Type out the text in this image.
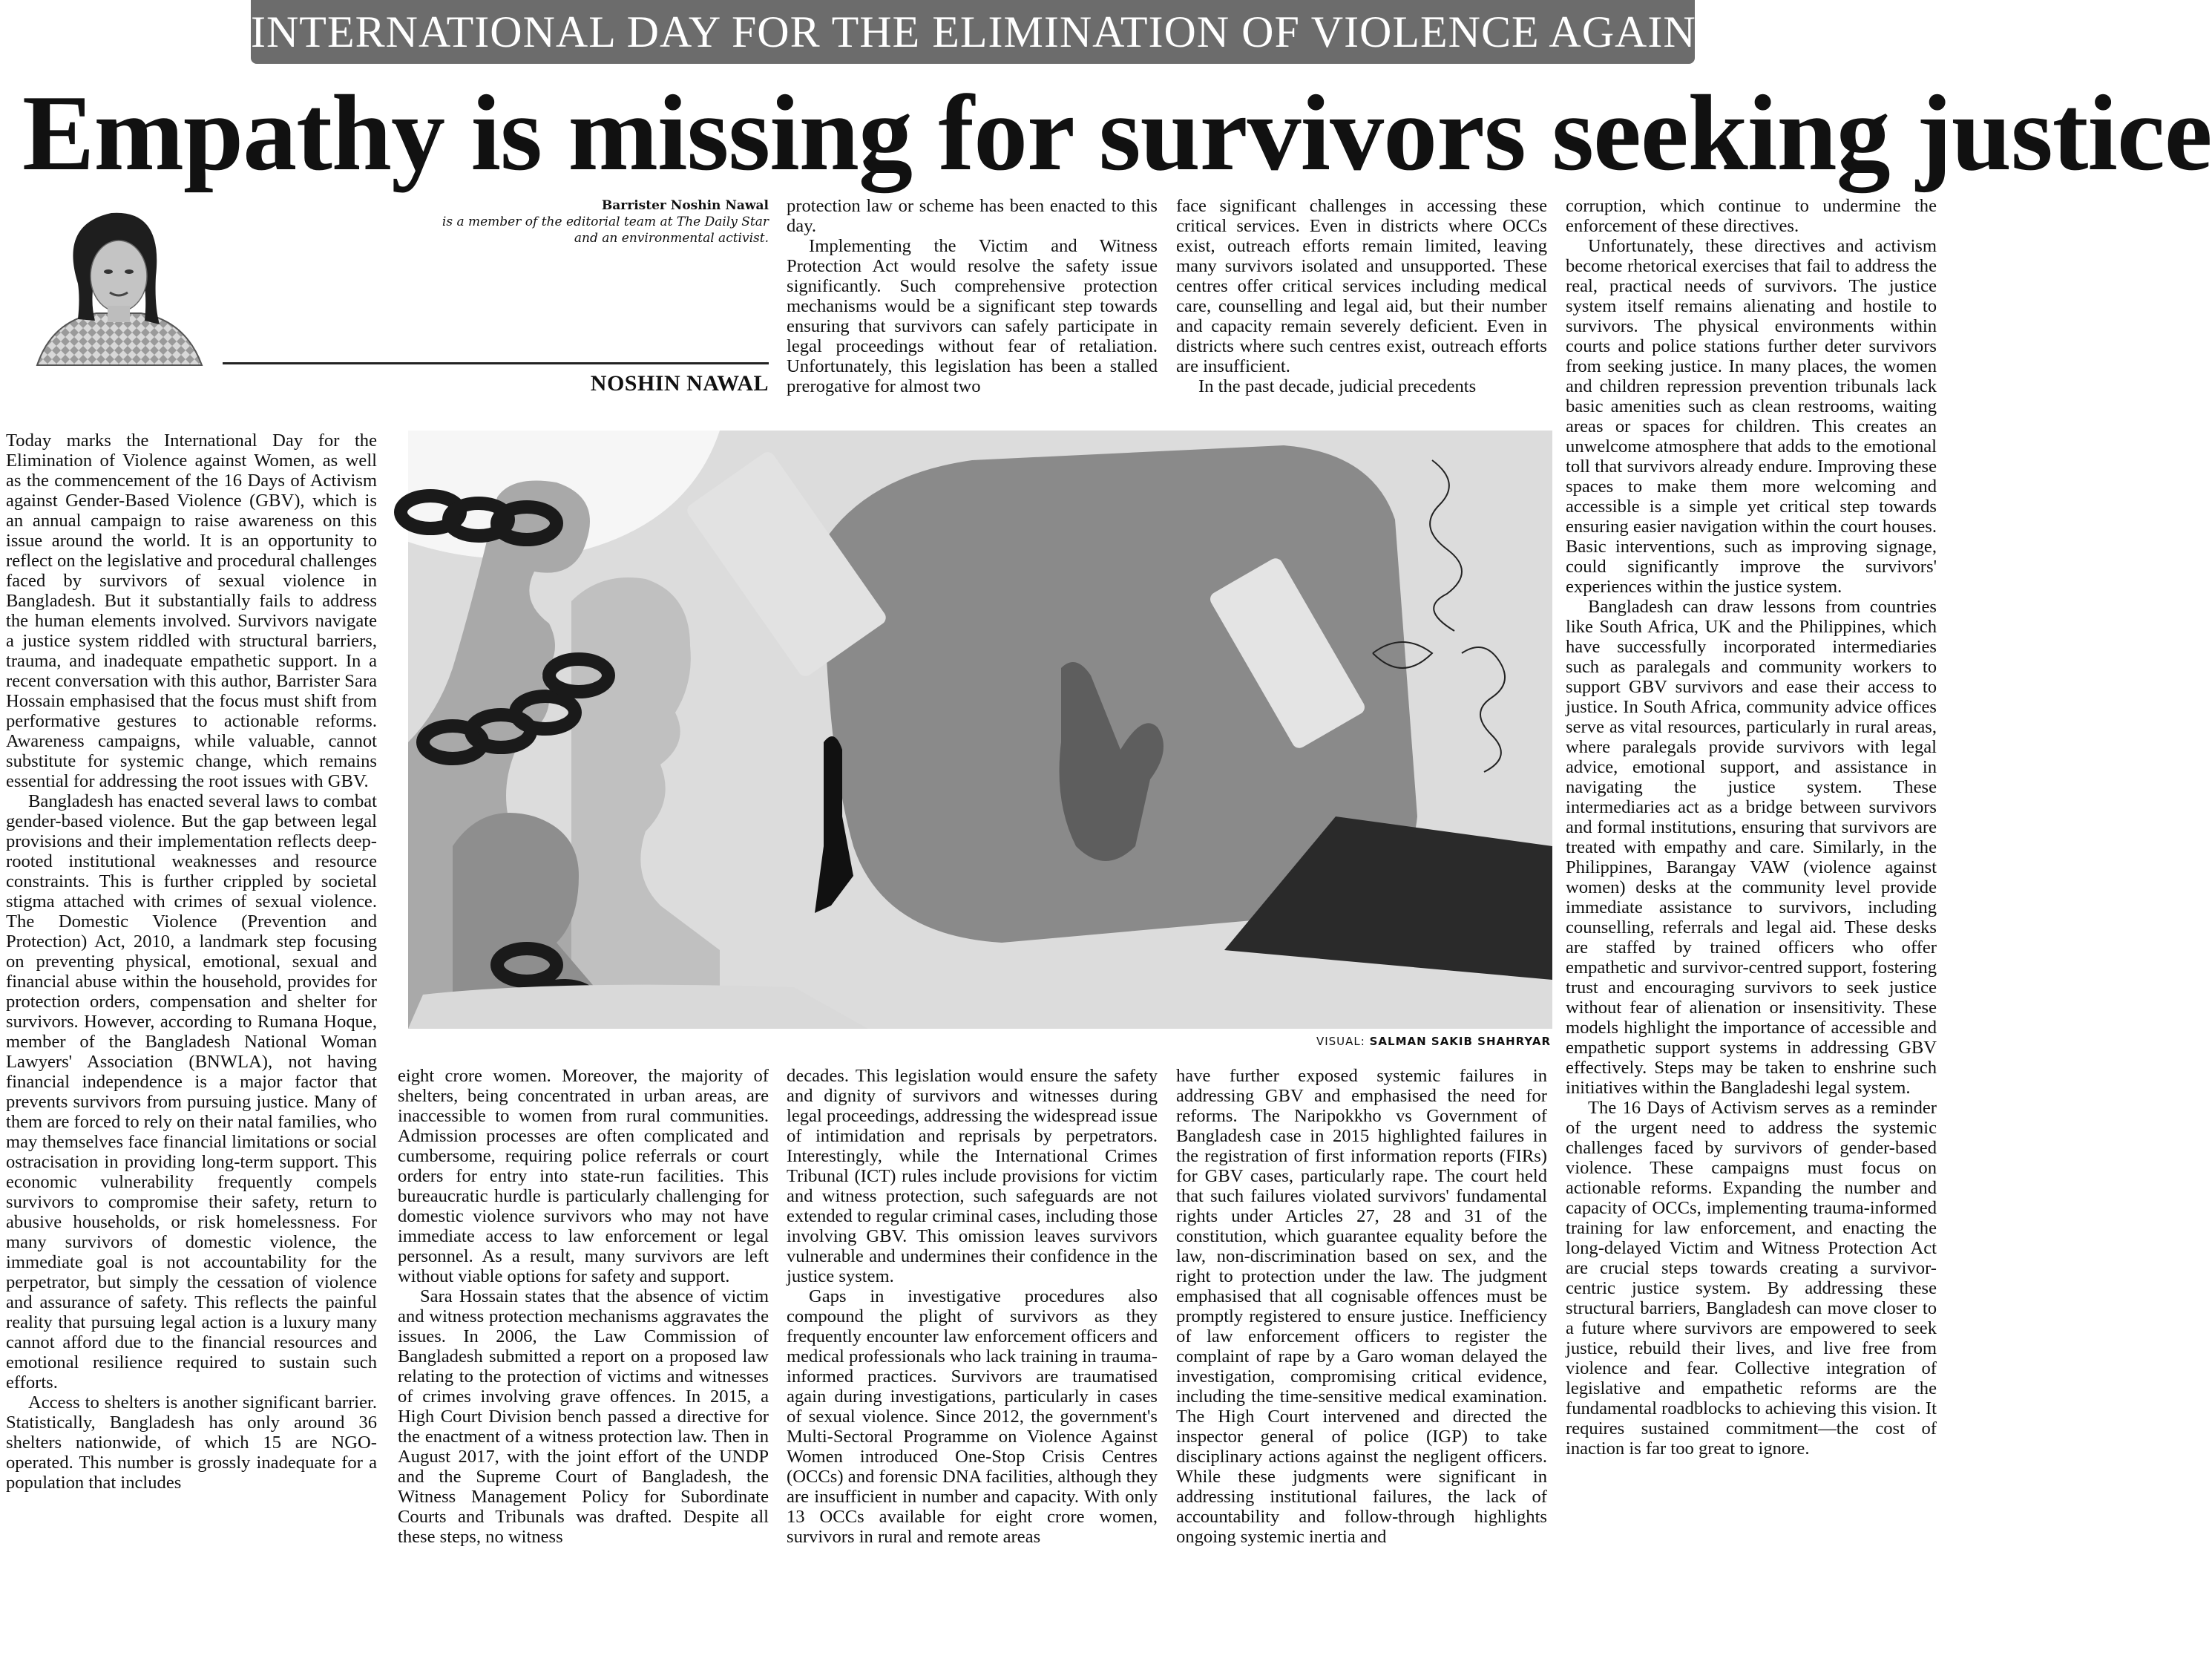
INTERNATIONAL DAY FOR THE ELIMINATION OF VIOLENCE AGAINST WOMEN
Empathy is missing for survivors seeking justice
Barrister Noshin Nawal
is a member of the editorial team at The Daily Star and an environmental activist.
NOSHIN NAWAL

Today marks the International Day for the Elimination of Violence against Women, as well as the commencement of the 16 Days of Activism against Gender-Based Violence (GBV), which is an annual campaign to raise awareness on this issue around the world. It is an opportunity to reflect on the legislative and procedural challenges faced by survivors of sexual violence in Bangladesh. But it substantially fails to address the human elements involved. Survivors navigate a justice system riddled with structural barriers, trauma, and inadequate empathetic support. In a recent conversation with this author, Barrister Sara Hossain emphasised that the focus must shift from performative gestures to actionable reforms. Awareness campaigns, while valuable, cannot substitute for systemic change, which remains essential for addressing the root issues with GBV.

Bangladesh has enacted several laws to combat gender-based violence. But the gap between legal provisions and their implementation reflects deep-rooted institutional weaknesses and resource constraints. This is further crippled by societal stigma attached with crimes of sexual violence. The Domestic Violence (Prevention and Protection) Act, 2010, a landmark step focusing on preventing physical, emotional, sexual and financial abuse within the household, provides for protection orders, compensation and shelter for survivors. However, according to Rumana Hoque, member of the Bangladesh National Woman Lawyers' Association (BNWLA), not having financial independence is a major factor that prevents survivors from pursuing justice. Many of them are forced to rely on their natal families, who may themselves face financial limitations or social ostracisation in providing long-term support. This economic vulnerability frequently compels survivors to compromise their safety, return to abusive households, or risk homelessness. For many survivors of domestic violence, the immediate goal is not accountability for the perpetrator, but simply the cessation of violence and assurance of safety. This reflects the painful reality that pursuing legal action is a luxury many cannot afford due to the financial resources and emotional resilience required to sustain such efforts.

Access to shelters is another significant barrier. Statistically, Bangladesh has only around 36 shelters nationwide, of which 15 are NGO-operated. This number is grossly inadequate for a population that includes

protection law or scheme has been enacted to this day.

Implementing the Victim and Witness Protection Act would resolve the safety issue significantly. Such comprehensive protection mechanisms would be a significant step towards ensuring that survivors can safely participate in legal proceedings without fear of retaliation. Unfortunately, this legislation has been a stalled prerogative for almost two

face significant challenges in accessing these critical services. Even in districts where OCCs exist, outreach efforts remain limited, leaving many survivors isolated and unsupported. These centres offer critical services including medical care, counselling and legal aid, but their number and capacity remain severely deficient. Even in districts where such centres exist, outreach efforts are insufficient.

In the past decade, judicial precedents

corruption, which continue to undermine the enforcement of these directives.

Unfortunately, these directives and activism become rhetorical exercises that fail to address the real, practical needs of survivors. The justice system itself remains alienating and hostile to survivors. The physical environments within courts and police stations further deter survivors from seeking justice. In many places, the women and children repression prevention tribunals lack basic amenities such as clean restrooms, waiting areas or spaces for children. This creates an unwelcome atmosphere that adds to the emotional toll that survivors already endure. Improving these spaces to make them more welcoming and accessible is a simple yet critical step towards ensuring easier navigation within the court houses. Basic interventions, such as improving signage, could significantly improve the survivors' experiences within the justice system.

Bangladesh can draw lessons from countries like South Africa, UK and the Philippines, which have successfully incorporated intermediaries such as paralegals and community workers to support GBV survivors and ease their access to justice. In South Africa, community advice offices serve as vital resources, particularly in rural areas, where paralegals provide survivors with legal advice, emotional support, and assistance in navigating the justice system. These intermediaries act as a bridge between survivors and formal institutions, ensuring that survivors are treated with empathy and care. Similarly, in the Philippines, Barangay VAW (violence against women) desks at the community level provide immediate assistance to survivors, including counselling, referrals and legal aid. These desks are staffed by trained officers who offer empathetic and survivor-centred support, fostering trust and encouraging survivors to seek justice without fear of alienation or insensitivity. These models highlight the importance of accessible and empathetic support systems in addressing GBV effectively. Steps may be taken to enshrine such initiatives within the Bangladeshi legal system.

The 16 Days of Activism serves as a reminder of the urgent need to address the systemic challenges faced by survivors of gender-based violence. These campaigns must focus on actionable reforms. Expanding the number and capacity of OCCs, implementing trauma-informed training for law enforcement, and enacting the long-delayed Victim and Witness Protection Act are crucial steps towards creating a survivor-centric justice system. By addressing these structural barriers, Bangladesh can move closer to a future where survivors are empowered to seek justice, rebuild their lives, and live free from violence and fear. Collective integration of legislative and empathetic reforms are the fundamental roadblocks to achieving this vision. It requires sustained commitment—the cost of inaction is far too great to ignore.

VISUAL: SALMAN SAKIB SHAHRYAR

eight crore women. Moreover, the majority of shelters, being concentrated in urban areas, are inaccessible to women from rural communities. Admission processes are often complicated and cumbersome, requiring police referrals or court orders for entry into state-run facilities. This bureaucratic hurdle is particularly challenging for domestic violence survivors who may not have immediate access to law enforcement or legal personnel. As a result, many survivors are left without viable options for safety and support.

Sara Hossain states that the absence of victim and witness protection mechanisms aggravates the issues. In 2006, the Law Commission of Bangladesh submitted a report on a proposed law relating to the protection of victims and witnesses of crimes involving grave offences. In 2015, a High Court Division bench passed a directive for the enactment of a witness protection law. Then in August 2017, with the joint effort of the UNDP and the Supreme Court of Bangladesh, the Witness Management Policy for Subordinate Courts and Tribunals was drafted. Despite all these steps, no witness

decades. This legislation would ensure the safety and dignity of survivors and witnesses during legal proceedings, addressing the widespread issue of intimidation and reprisals by perpetrators. Interestingly, while the International Crimes Tribunal (ICT) rules include provisions for victim and witness protection, such safeguards are not extended to regular criminal cases, including those involving GBV. This omission leaves survivors vulnerable and undermines their confidence in the justice system.

Gaps in investigative procedures also compound the plight of survivors as they frequently encounter law enforcement officers and medical professionals who lack training in trauma-informed practices. Survivors are traumatised again during investigations, particularly in cases of sexual violence. Since 2012, the government's Multi-Sectoral Programme on Violence Against Women introduced One-Stop Crisis Centres (OCCs) and forensic DNA facilities, although they are insufficient in number and capacity. With only 13 OCCs available for eight crore women, survivors in rural and remote areas

have further exposed systemic failures in addressing GBV and emphasised the need for reforms. The Naripokkho vs Government of Bangladesh case in 2015 highlighted failures in the registration of first information reports (FIRs) for GBV cases, particularly rape. The court held that such failures violated survivors' fundamental rights under Articles 27, 28 and 31 of the constitution, which guarantee equality before the law, non-discrimination based on sex, and the right to protection under the law. The judgment emphasised that all cognisable offences must be promptly registered to ensure justice. Inefficiency of law enforcement officers to register the complaint of rape by a Garo woman delayed the investigation, compromising critical evidence, including the time-sensitive medical examination. The High Court intervened and directed the inspector general of police (IGP) to take disciplinary actions against the negligent officers. While these judgments were significant in addressing institutional failures, the lack of accountability and follow-through highlights ongoing systemic inertia and
